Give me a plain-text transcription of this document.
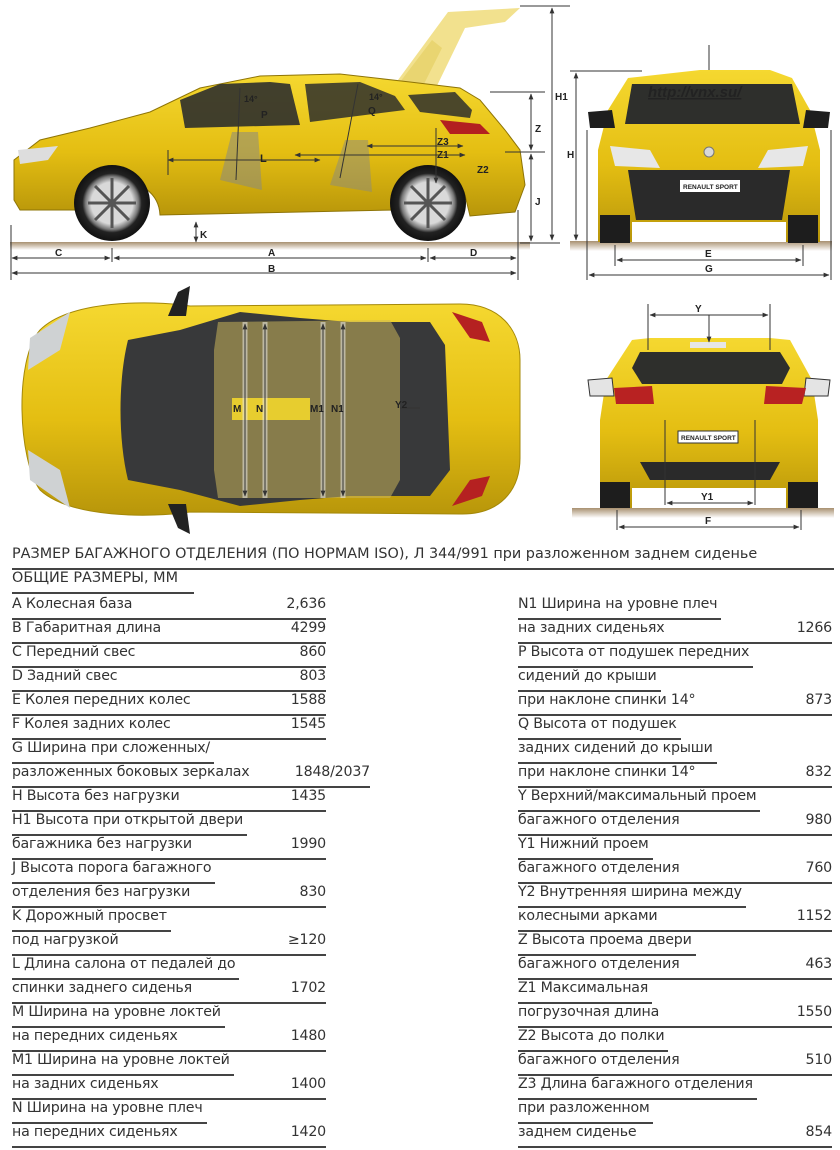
L
Z3
Z1
Z2
14°
P
14°
Q
K
C	A	D
B
H1
Z
J
RENAULT SPORT
http://vnx.su/
H
E
G
M N	M1 N1	Y2
RENAULT SPORT
Y
Y1
F
РАЗМЕР БАГАЖНОГО ОТДЕЛЕНИЯ (ПО НОРМАМ ISO), Л 344/991 при разложенном заднем сиденье
ОБЩИЕ РАЗМЕРЫ, ММ
A Колесная база	2,636
B Габаритная длина	4299
C Передний свес	860
D Задний свес	803
E Колея передних колес	1588
F Колея задних колес	1545
G Ширина при сложенных/
разложенных боковых зеркалах	1848/2037
H Высота без нагрузки	1435
H1 Высота при открытой двери
багажника без нагрузки	1990
J Высота порога багажного
отделения без нагрузки	830
K Дорожный просвет
под нагрузкой	≥120
L Длина салона от педалей до
спинки заднего сиденья	1702
M Ширина на уровне локтей
на передних сиденьях	1480
M1 Ширина на уровне локтей
на задних сиденьях	1400
N Ширина на уровне плеч
на передних сиденьях	1420
N1 Ширина на уровне плеч
на задних сиденьях	1266
P Высота от подушек передних
сидений до крыши
при наклоне спинки 14°	873
Q Высота от подушек
задних сидений до крыши
при наклоне спинки 14°	832
Y Верхний/максимальный проем
багажного отделения	980
Y1 Нижний проем
багажного отделения	760
Y2 Внутренняя ширина между
колесными арками	1152
Z Высота проема двери
багажного отделения	463
Z1 Максимальная
погрузочная длина	1550
Z2 Высота до полки
багажного отделения	510
Z3 Длина багажного отделения
при разложенном
заднем сиденье	854
